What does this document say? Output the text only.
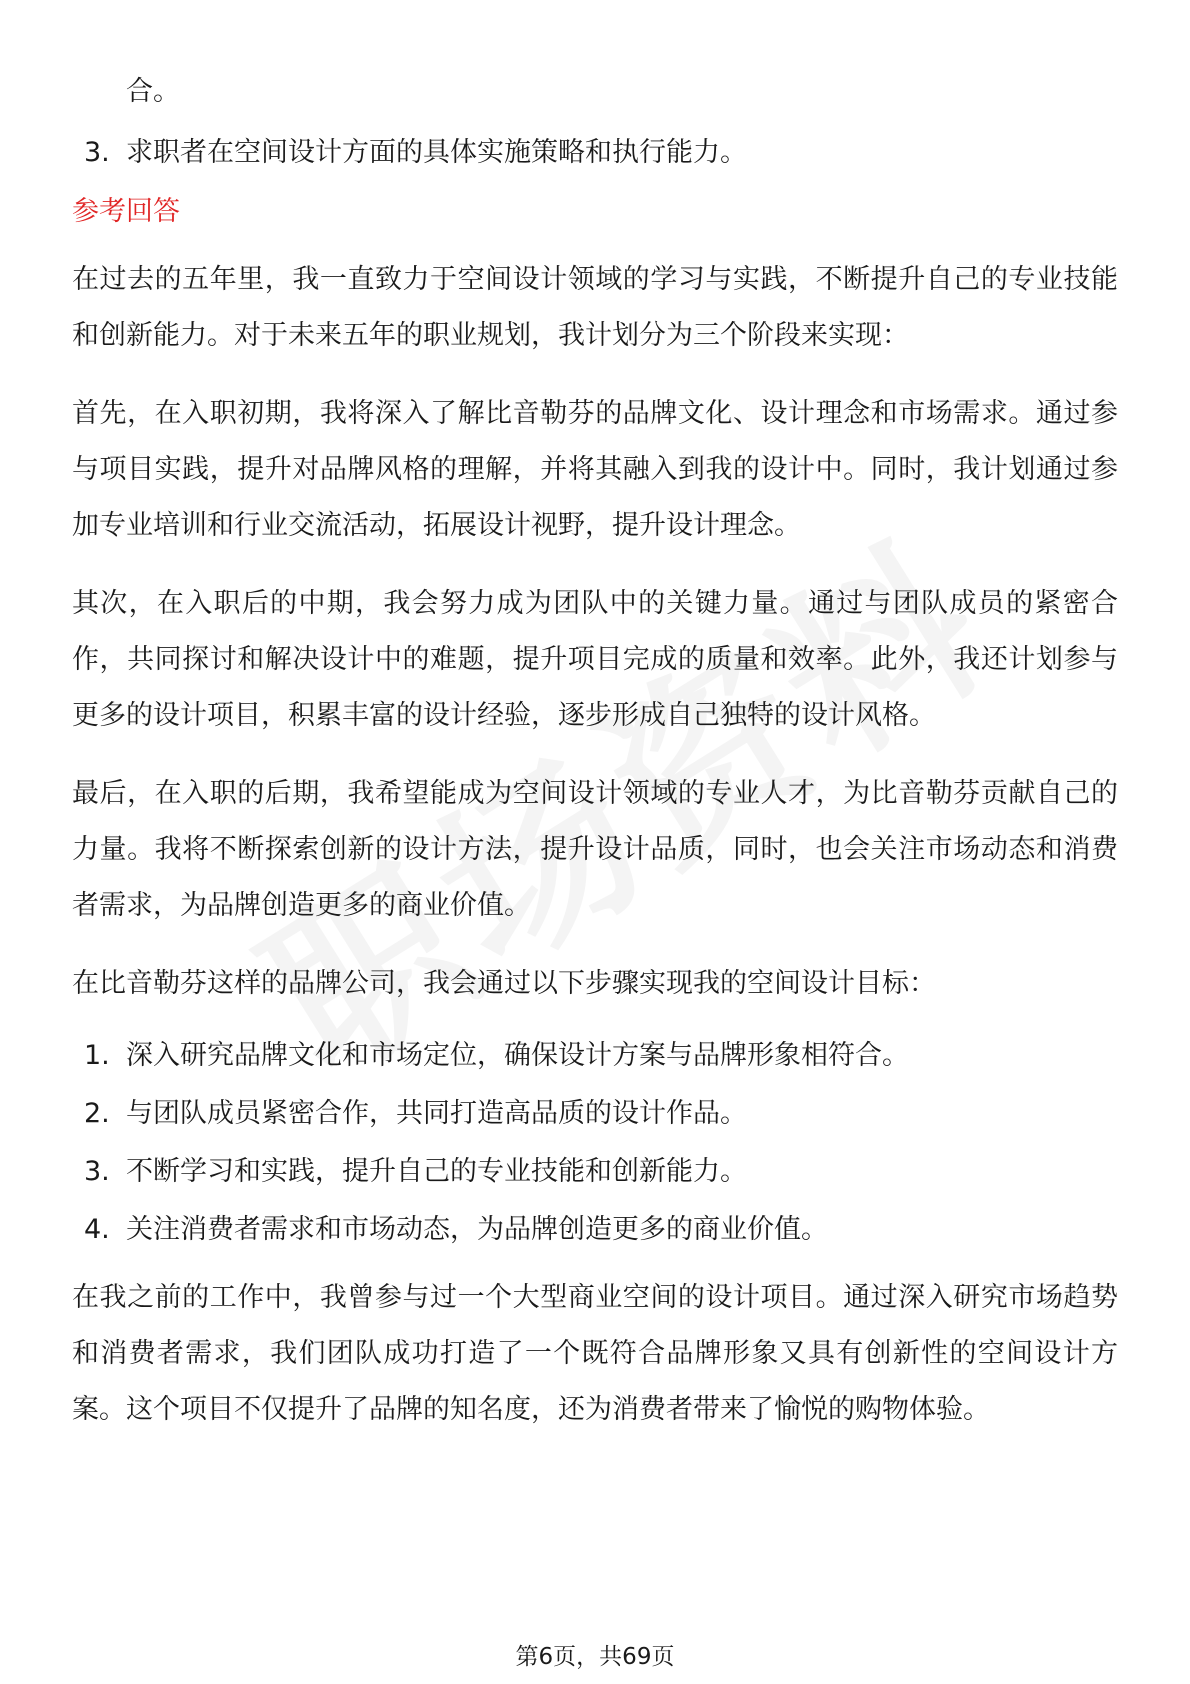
合。
3. 求职者在空间设计方面的具体实施策略和执行能力。
参考回答

在过去的五年里，我一直致力于空间设计领域的学习与实践，不断提升自己的专业技能和创新能力。对于未来五年的职业规划，我计划分为三个阶段来实现：

首先，在入职初期，我将深入了解比音勒芬的品牌文化、设计理念和市场需求。通过参与项目实践，提升对品牌风格的理解，并将其融入到我的设计中。同时，我计划通过参加专业培训和行业交流活动，拓展设计视野，提升设计理念。

其次，在入职后的中期，我会努力成为团队中的关键力量。通过与团队成员的紧密合作，共同探讨和解决设计中的难题，提升项目完成的质量和效率。此外，我还计划参与更多的设计项目，积累丰富的设计经验，逐步形成自己独特的设计风格。

最后，在入职的后期，我希望能成为空间设计领域的专业人才，为比音勒芬贡献自己的力量。我将不断探索创新的设计方法，提升设计品质，同时，也会关注市场动态和消费者需求，为品牌创造更多的商业价值。

在比音勒芬这样的品牌公司，我会通过以下步骤实现我的空间设计目标：

1. 深入研究品牌文化和市场定位，确保设计方案与品牌形象相符合。
2. 与团队成员紧密合作，共同打造高品质的设计作品。
3. 不断学习和实践，提升自己的专业技能和创新能力。
4. 关注消费者需求和市场动态，为品牌创造更多的商业价值。

在我之前的工作中，我曾参与过一个大型商业空间的设计项目。通过深入研究市场趋势和消费者需求，我们团队成功打造了一个既符合品牌形象又具有创新性的空间设计方案。这个项目不仅提升了品牌的知名度，还为消费者带来了愉悦的购物体验。

第6页，共69页
